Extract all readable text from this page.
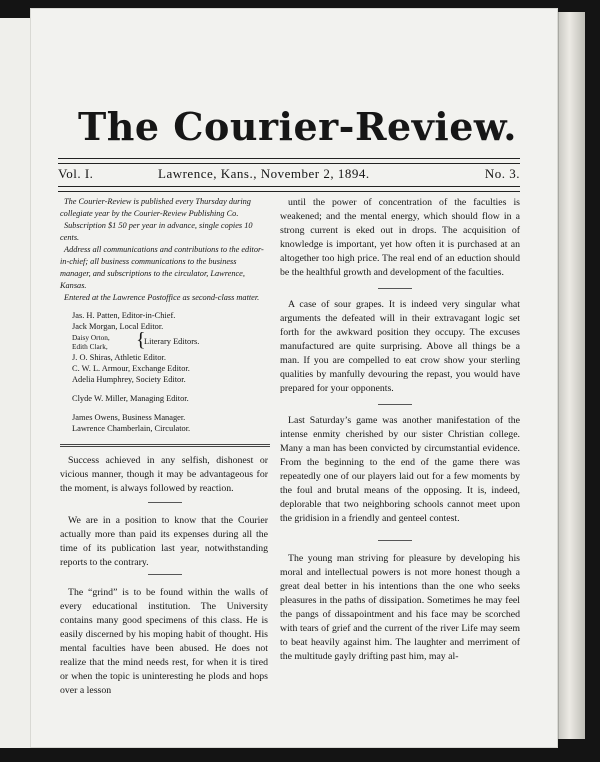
The Courier-Review.
Vol. I.	Lawrence, Kans., November 2, 1894.	No. 3.

The Courier-Review is published every Thursday during collegiate year by the Courier-Review Publishing Co.

Subscription $1 50 per year in advance, single copies 10 cents.

Address all communications and contributions to the editor-in-chief; all business communications to the business manager, and subscriptions to the circulator, Lawrence, Kansas.

Entered at the Lawrence Postoffice as second-class matter.

Jas. H. Patten, Editor-in-Chief.
Jack Morgan, Local Editor.
Daisy Orton,
Edith Clark, {
Literary Editors.
J. O. Shiras, Athletic Editor.
C. W. L. Armour, Exchange Editor.
Adelia Humphrey, Society Editor.
Clyde W. Miller, Managing Editor.
James Owens, Business Manager.
Lawrence Chamberlain, Circulator.

Success achieved in any selfish, dishonest or vicious manner, though it may be advantageous for the moment, is always followed by reaction.

We are in a position to know that the Courier actually more than paid its expenses during all the time of its publication last year, notwithstanding reports to the contrary.

The “grind” is to be found within the walls of every educational institution. The University contains many good specimens of this class. He is easily discerned by his moping habit of thought. His mental faculties have been abused. He does not realize that the mind needs rest, for when it is tired or when the topic is uninteresting he plods and hops over a lesson

until the power of concentration of the faculties is weakened; and the mental energy, which should flow in a strong current is eked out in drops. The acquisition of knowledge is important, yet how often it is purchased at an altogether too high price. The real end of an eduction should be the healthful growth and development of the faculties.

A case of sour grapes. It is indeed very singular what arguments the defeated will in their extravagant logic set forth for the awkward position they occupy. The excuses manufactured are quite surprising. Above all things be a man. If you are compelled to eat crow show your sterling qualities by manfully devouring the repast, you would have prepared for your opponents.

Last Saturday’s game was another manifestation of the intense enmity cherished by our sister Christian college. Many a man has been convicted by circumstantial evidence. From the beginning to the end of the game there was repeatedly one of our players laid out for a few moments by the foul and brutal means of the opposing. It is, indeed, deplorable that two neighboring schools cannot meet upon the gridision in a friendly and genteel contest.

The young man striving for pleasure by developing his moral and intellectual powers is not more honest though a great deal better in his intentions than the one who seeks pleasures in the paths of dissipation. Sometimes he may feel the pangs of dissapointment and his face may be scorched with tears of grief and the current of the river Life may seem to beat heavily against him. The laughter and merriment of the multitude gayly drifting past him, may al-
